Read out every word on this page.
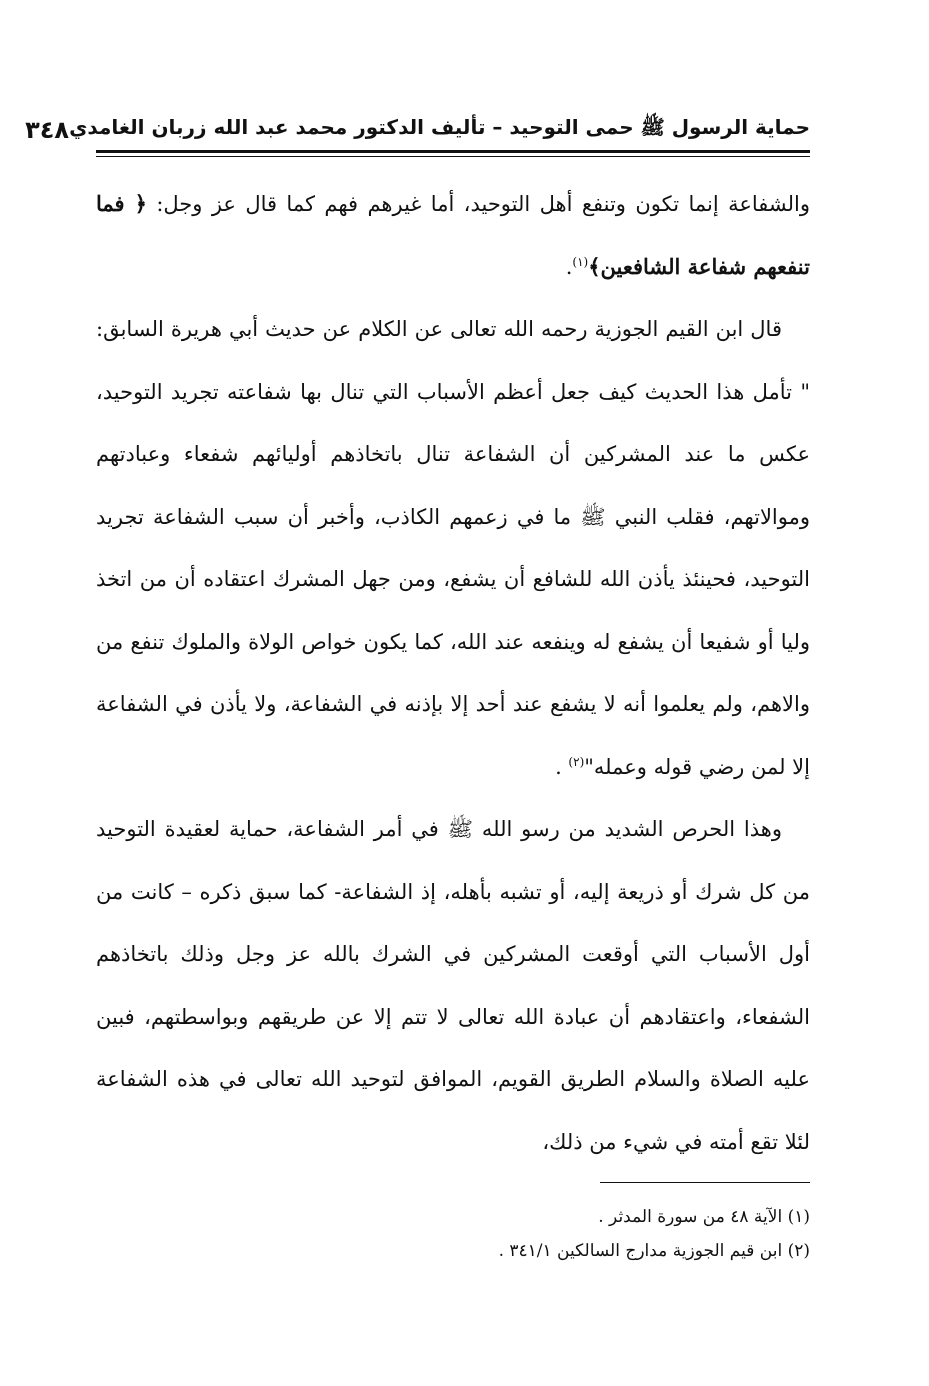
حماية الرسول ﷺ حمى التوحيد – تأليف الدكتور محمد عبد الله زربان الغامدي
٣٤٨

والشفاعة إنما تكون وتنفع أهل التوحيد، أما غيرهم فهم كما قال عز وجل: ﴿ فما تنفعهم شفاعة الشافعين﴾$^{(١)}$.

قال ابن القيم الجوزية رحمه الله تعالى عن الكلام عن حديث أبي هريرة السابق: " تأمل هذا الحديث كيف جعل أعظم الأسباب التي تنال بها شفاعته تجريد التوحيد، عكس ما عند المشركين أن الشفاعة تنال باتخاذهم أوليائهم شفعاء وعبادتهم وموالاتهم، فقلب النبي ﷺ ما في زعمهم الكاذب، وأخبر أن سبب الشفاعة تجريد التوحيد، فحينئذ يأذن الله للشافع أن يشفع، ومن جهل المشرك اعتقاده أن من اتخذ وليا أو شفيعا أن يشفع له وينفعه عند الله، كما يكون خواص الولاة والملوك تنفع من والاهم، ولم يعلموا أنه لا يشفع عند أحد إلا بإذنه في الشفاعة، ولا يأذن في الشفاعة إلا لمن رضي قوله وعمله"$^{(٢)}$ .

وهذا الحرص الشديد من رسو الله ﷺ في أمر الشفاعة، حماية لعقيدة التوحيد من كل شرك أو ذريعة إليه، أو تشبه بأهله، إذ الشفاعة- كما سبق ذكره – كانت من أول الأسباب التي أوقعت المشركين في الشرك بالله عز وجل وذلك باتخاذهم الشفعاء، واعتقادهم أن عبادة الله تعالى لا تتم إلا عن طريقهم وبواسطتهم، فبين عليه الصلاة والسلام الطريق القويم، الموافق لتوحيد الله تعالى في هذه الشفاعة لئلا تقع أمته في شيء من ذلك،

(١) الآية ٤٨ من سورة المدثر .

(٢) ابن قيم الجوزية مدارج السالكين ٣٤١/١ .
